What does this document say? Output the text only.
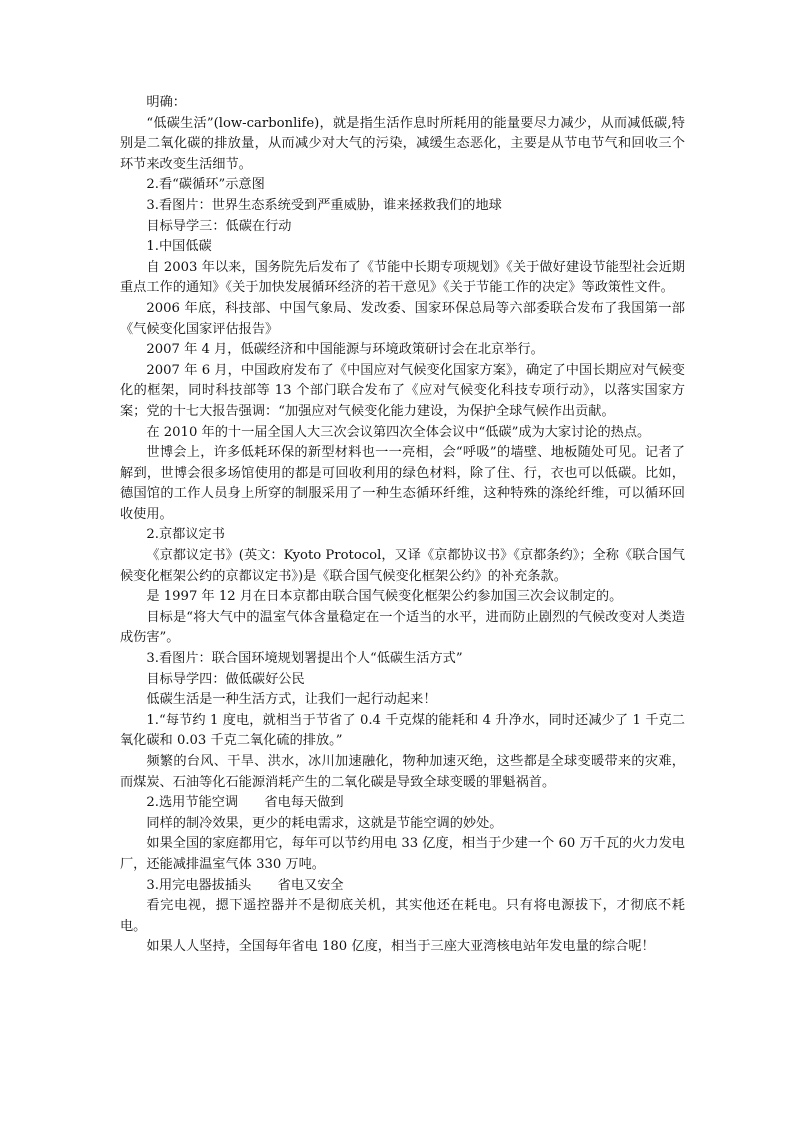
明确：

“低碳生活”(low-carbonlife)，就是指生活作息时所耗用的能量要尽力减少，从而减低碳,特别是二氧化碳的排放量，从而减少对大气的污染，减缓生态恶化，主要是从节电节气和回收三个环节来改变生活细节。

2.看“碳循环”示意图

3.看图片：世界生态系统受到严重威胁，谁来拯救我们的地球

目标导学三：低碳在行动

1.中国低碳

自 2003 年以来，国务院先后发布了《节能中长期专项规划》《关于做好建设节能型社会近期重点工作的通知》《关于加快发展循环经济的若干意见》《关于节能工作的决定》等政策性文件。

2006 年底，科技部、中国气象局、发改委、国家环保总局等六部委联合发布了我国第一部《气候变化国家评估报告》

2007 年 4 月，低碳经济和中国能源与环境政策研讨会在北京举行。

2007 年 6 月，中国政府发布了《中国应对气候变化国家方案》，确定了中国长期应对气候变化的框架，同时科技部等 13 个部门联合发布了《应对气候变化科技专项行动》，以落实国家方案；党的十七大报告强调：“加强应对气候变化能力建设，为保护全球气候作出贡献。

在 2010 年的十一届全国人大三次会议第四次全体会议中“低碳”成为大家讨论的热点。

世博会上，许多低耗环保的新型材料也一一亮相，会“呼吸”的墙壁、地板随处可见。记者了解到，世博会很多场馆使用的都是可回收利用的绿色材料，除了住、行，衣也可以低碳。比如，德国馆的工作人员身上所穿的制服采用了一种生态循环纤维，这种特殊的涤纶纤维，可以循环回收使用。

2.京都议定书

《京都议定书》(英文：Kyoto Protocol，又译《京都协议书》《京都条约》；全称《联合国气候变化框架公约的京都议定书》)是《联合国气候变化框架公约》的补充条款。

是 1997 年 12 月在日本京都由联合国气候变化框架公约参加国三次会议制定的。

目标是“将大气中的温室气体含量稳定在一个适当的水平，进而防止剧烈的气候改变对人类造成伤害”。

3.看图片：联合国环境规划署提出个人“低碳生活方式”

目标导学四：做低碳好公民

低碳生活是一种生活方式，让我们一起行动起来！

1.“每节约 1 度电，就相当于节省了 0.4 千克煤的能耗和 4 升净水，同时还减少了 1 千克二氧化碳和 0.03 千克二氧化硫的排放。”

频繁的台风、干旱、洪水，冰川加速融化，物种加速灭绝，这些都是全球变暖带来的灾难，而煤炭、石油等化石能源消耗产生的二氧化碳是导致全球变暖的罪魁祸首。

2.选用节能空调　　省电每天做到

同样的制冷效果，更少的耗电需求，这就是节能空调的妙处。

如果全国的家庭都用它，每年可以节约用电 33 亿度，相当于少建一个 60 万千瓦的火力发电厂，还能减排温室气体 330 万吨。

3.用完电器拔插头　　省电又安全

看完电视，摁下遥控器并不是彻底关机，其实他还在耗电。只有将电源拔下，才彻底不耗电。

如果人人坚持，全国每年省电 180 亿度，相当于三座大亚湾核电站年发电量的综合呢！
